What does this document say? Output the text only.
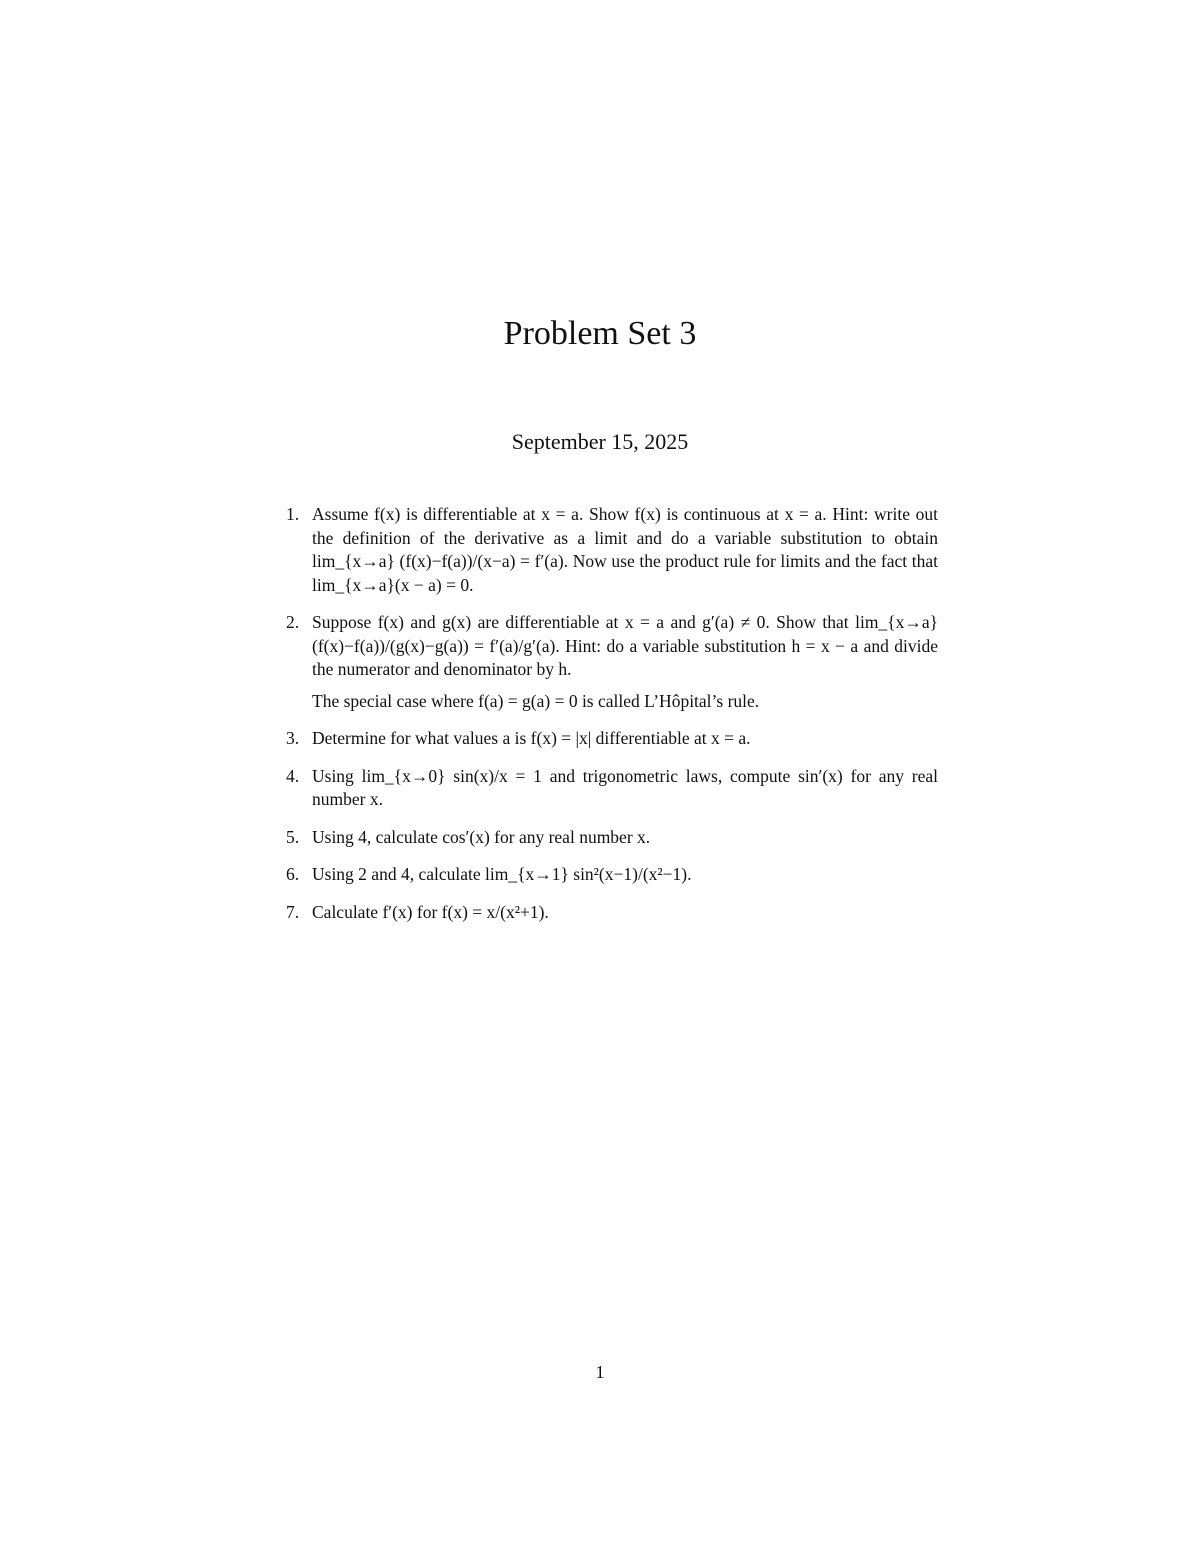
Problem Set 3
September 15, 2025
1. Assume f(x) is differentiable at x = a. Show f(x) is continuous at x = a. Hint: write out the definition of the derivative as a limit and do a variable substitution to obtain lim_{x→a} (f(x)−f(a))/(x−a) = f′(a). Now use the product rule for limits and the fact that lim_{x→a}(x − a) = 0.

2. Suppose f(x) and g(x) are differentiable at x = a and g′(a) ≠ 0. Show that lim_{x→a} (f(x)−f(a))/(g(x)−g(a)) = f′(a)/g′(a). Hint: do a variable substitution h = x − a and divide the numerator and denominator by h.

The special case where f(a) = g(a) = 0 is called L’Hôpital’s rule.

3. Determine for what values a is f(x) = |x| differentiable at x = a.

4. Using lim_{x→0} sin(x)/x = 1 and trigonometric laws, compute sin′(x) for any real number x.

5. Using 4, calculate cos′(x) for any real number x.

6. Using 2 and 4, calculate lim_{x→1} sin²(x−1)/(x²−1).

7. Calculate f′(x) for f(x) = x/(x²+1).

1
